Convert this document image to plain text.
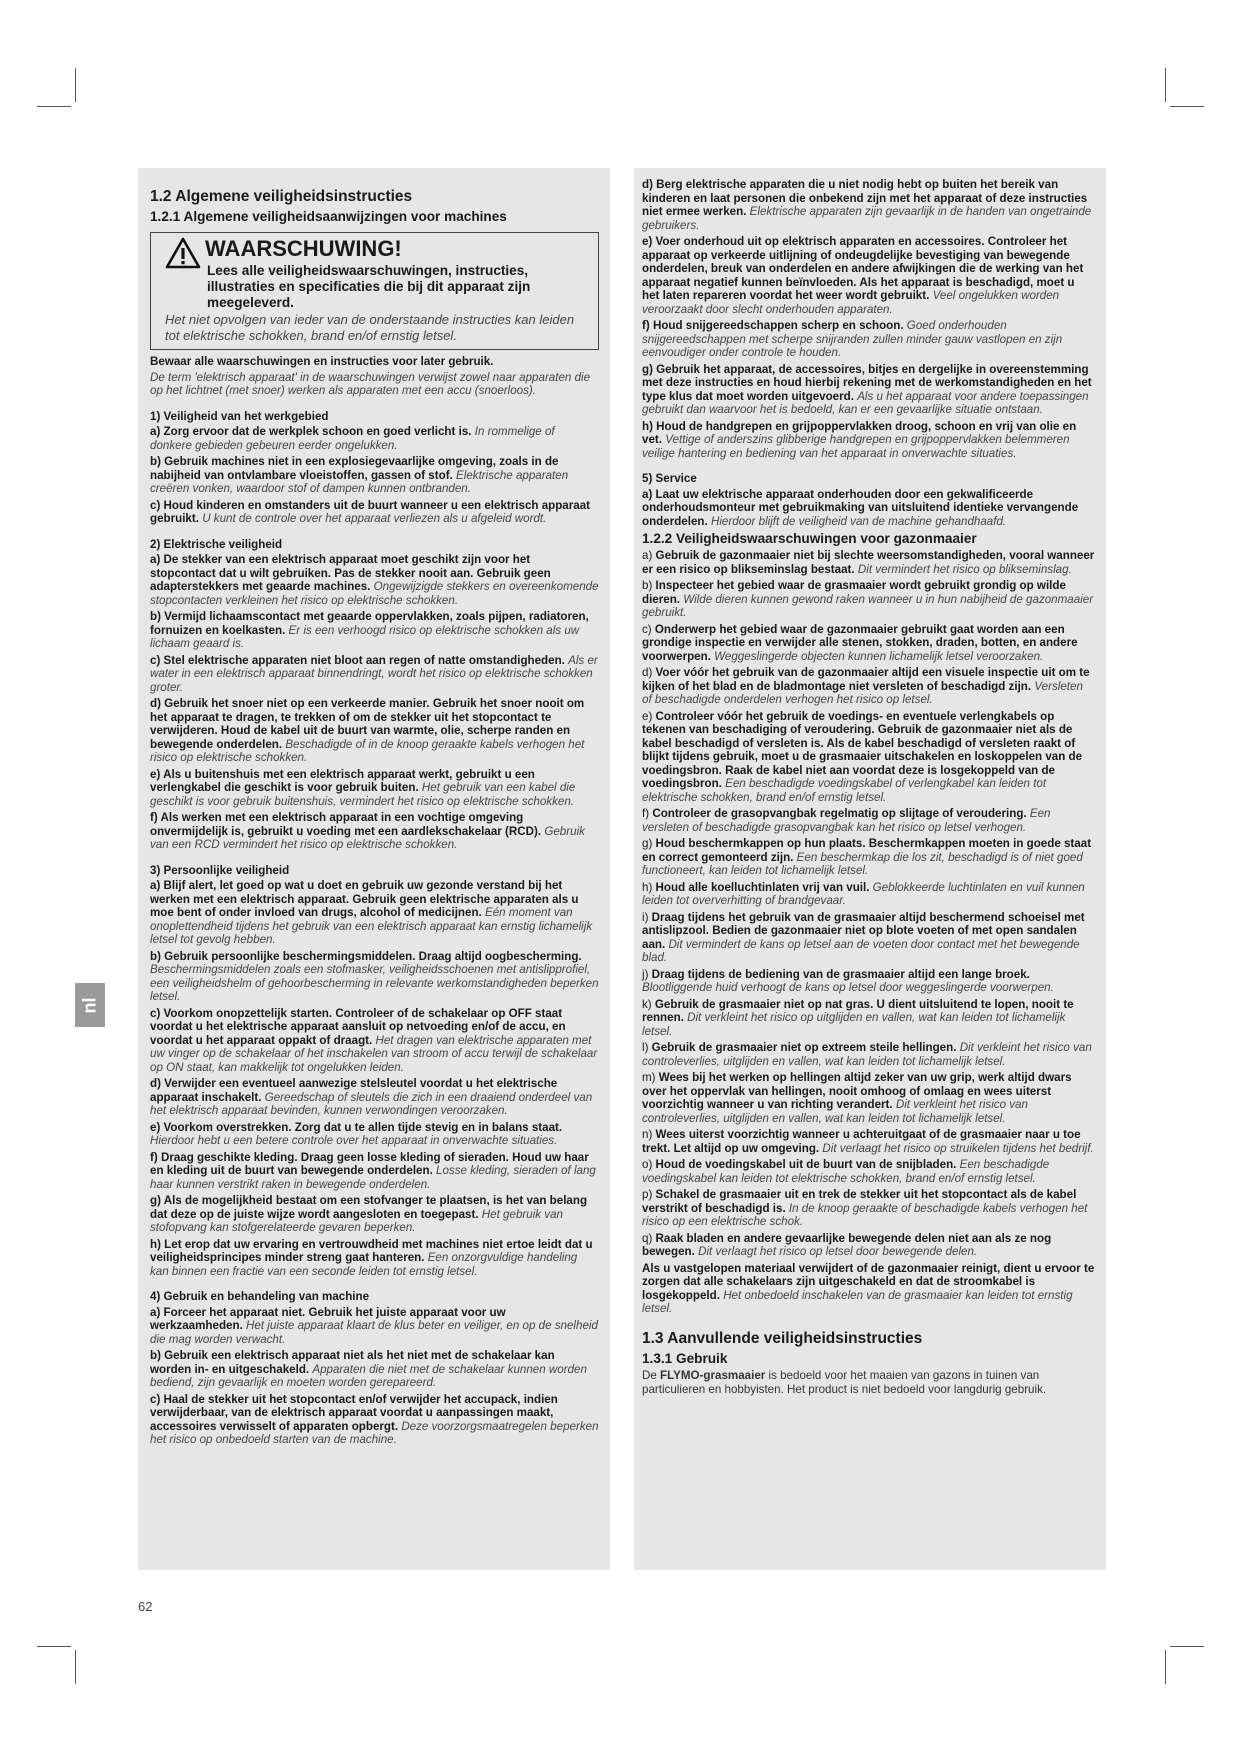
nl
1.2 Algemene veiligheidsinstructies
1.2.1 Algemene veiligheidsaanwijzingen voor machines
WAARSCHUWING!
Lees alle veiligheidswaarschuwingen, instructies, illustraties en specificaties die bij dit apparaat zijn meegeleverd.
Het niet opvolgen van ieder van de onderstaande instructies kan leiden tot elektrische schokken, brand en/of ernstig letsel.

Bewaar alle waarschuwingen en instructies voor later gebruik.

De term 'elektrisch apparaat' in de waarschuwingen verwijst zowel naar apparaten die op het lichtnet (met snoer) werken als apparaten met een accu (snoerloos).

1) Veiligheid van het werkgebied

a) Zorg ervoor dat de werkplek schoon en goed verlicht is. In rommelige of donkere gebieden gebeuren eerder ongelukken.

b) Gebruik machines niet in een explosiegevaarlijke omgeving, zoals in de nabijheid van ontvlambare vloeistoffen, gassen of stof. Elektrische apparaten creëren vonken, waardoor stof of dampen kunnen ontbranden.

c) Houd kinderen en omstanders uit de buurt wanneer u een elektrisch apparaat gebruikt. U kunt de controle over het apparaat verliezen als u afgeleid wordt.

2) Elektrische veiligheid

a) De stekker van een elektrisch apparaat moet geschikt zijn voor het stopcontact dat u wilt gebruiken. Pas de stekker nooit aan. Gebruik geen adapterstekkers met geaarde machines. Ongewijzigde stekkers en overeenkomende stopcontacten verkleinen het risico op elektrische schokken.

b) Vermijd lichaamscontact met geaarde oppervlakken, zoals pijpen, radiatoren, fornuizen en koelkasten. Er is een verhoogd risico op elektrische schokken als uw lichaam geaard is.

c) Stel elektrische apparaten niet bloot aan regen of natte omstandigheden. Als er water in een elektrisch apparaat binnendringt, wordt het risico op elektrische schokken groter.

d) Gebruik het snoer niet op een verkeerde manier. Gebruik het snoer nooit om het apparaat te dragen, te trekken of om de stekker uit het stopcontact te verwijderen. Houd de kabel uit de buurt van warmte, olie, scherpe randen en bewegende onderdelen. Beschadigde of in de knoop geraakte kabels verhogen het risico op elektrische schokken.

e) Als u buitenshuis met een elektrisch apparaat werkt, gebruikt u een verlengkabel die geschikt is voor gebruik buiten. Het gebruik van een kabel die geschikt is voor gebruik buitenshuis, vermindert het risico op elektrische schokken.

f) Als werken met een elektrisch apparaat in een vochtige omgeving onvermijdelijk is, gebruikt u voeding met een aardlekschakelaar (RCD). Gebruik van een RCD vermindert het risico op elektrische schokken.

3) Persoonlijke veiligheid

a) Blijf alert, let goed op wat u doet en gebruik uw gezonde verstand bij het werken met een elektrisch apparaat. Gebruik geen elektrische apparaten als u moe bent of onder invloed van drugs, alcohol of medicijnen. Eén moment van onoplettendheid tijdens het gebruik van een elektrisch apparaat kan ernstig lichamelijk letsel tot gevolg hebben.

b) Gebruik persoonlijke beschermingsmiddelen. Draag altijd oogbescherming. Beschermingsmiddelen zoals een stofmasker, veiligheidsschoenen met antislipprofiel, een veiligheidshelm of gehoorbescherming in relevante werkomstandigheden beperken letsel.

c) Voorkom onopzettelijk starten. Controleer of de schakelaar op OFF staat voordat u het elektrische apparaat aansluit op netvoeding en/of de accu, en voordat u het apparaat oppakt of draagt. Het dragen van elektrische apparaten met uw vinger op de schakelaar of het inschakelen van stroom of accu terwijl de schakelaar op ON staat, kan makkelijk tot ongelukken leiden.

d) Verwijder een eventueel aanwezige stelsleutel voordat u het elektrische apparaat inschakelt. Gereedschap of sleutels die zich in een draaiend onderdeel van het elektrisch apparaat bevinden, kunnen verwondingen veroorzaken.

e) Voorkom overstrekken. Zorg dat u te allen tijde stevig en in balans staat. Hierdoor hebt u een betere controle over het apparaat in onverwachte situaties.

f) Draag geschikte kleding. Draag geen losse kleding of sieraden. Houd uw haar en kleding uit de buurt van bewegende onderdelen. Losse kleding, sieraden of lang haar kunnen verstrikt raken in bewegende onderdelen.

g) Als de mogelijkheid bestaat om een stofvanger te plaatsen, is het van belang dat deze op de juiste wijze wordt aangesloten en toegepast. Het gebruik van stofopvang kan stofgerelateerde gevaren beperken.

h) Let erop dat uw ervaring en vertrouwdheid met machines niet ertoe leidt dat u veiligheidsprincipes minder streng gaat hanteren. Een onzorgvuldige handeling kan binnen een fractie van een seconde leiden tot ernstig letsel.

4) Gebruik en behandeling van machine

a) Forceer het apparaat niet. Gebruik het juiste apparaat voor uw werkzaamheden. Het juiste apparaat klaart de klus beter en veiliger, en op de snelheid die mag worden verwacht.

b) Gebruik een elektrisch apparaat niet als het niet met de schakelaar kan worden in- en uitgeschakeld. Apparaten die niet met de schakelaar kunnen worden bediend, zijn gevaarlijk en moeten worden gerepareerd.

c) Haal de stekker uit het stopcontact en/of verwijder het accupack, indien verwijderbaar, van de elektrisch apparaat voordat u aanpassingen maakt, accessoires verwisselt of apparaten opbergt. Deze voorzorgsmaatregelen beperken het risico op onbedoeld starten van de machine.

d) Berg elektrische apparaten die u niet nodig hebt op buiten het bereik van kinderen en laat personen die onbekend zijn met het apparaat of deze instructies niet ermee werken. Elektrische apparaten zijn gevaarlijk in de handen van ongetrainde gebruikers.

e) Voer onderhoud uit op elektrisch apparaten en accessoires. Controleer het apparaat op verkeerde uitlijning of ondeugdelijke bevestiging van bewegende onderdelen, breuk van onderdelen en andere afwijkingen die de werking van het apparaat negatief kunnen beïnvloeden. Als het apparaat is beschadigd, moet u het laten repareren voordat het weer wordt gebruikt. Veel ongelukken worden veroorzaakt door slecht onderhouden apparaten.

f) Houd snijgereedschappen scherp en schoon. Goed onderhouden snijgereedschappen met scherpe snijranden zullen minder gauw vastlopen en zijn eenvoudiger onder controle te houden.

g) Gebruik het apparaat, de accessoires, bitjes en dergelijke in overeenstemming met deze instructies en houd hierbij rekening met de werkomstandigheden en het type klus dat moet worden uitgevoerd. Als u het apparaat voor andere toepassingen gebruikt dan waarvoor het is bedoeld, kan er een gevaarlijke situatie ontstaan.

h) Houd de handgrepen en grijpoppervlakken droog, schoon en vrij van olie en vet. Vettige of anderszins glibberige handgrepen en grijpoppervlakken belemmeren veilige hantering en bediening van het apparaat in onverwachte situaties.

5) Service

a) Laat uw elektrische apparaat onderhouden door een gekwalificeerde onderhoudsmonteur met gebruikmaking van uitsluitend identieke vervangende onderdelen. Hierdoor blijft de veiligheid van de machine gehandhaafd.

1.2.2 Veiligheidswaarschuwingen voor gazonmaaier

a) Gebruik de gazonmaaier niet bij slechte weersomstandigheden, vooral wanneer er een risico op blikseminslag bestaat. Dit vermindert het risico op blikseminslag.

b) Inspecteer het gebied waar de grasmaaier wordt gebruikt grondig op wilde dieren. Wilde dieren kunnen gewond raken wanneer u in hun nabijheid de gazonmaaier gebruikt.

c) Onderwerp het gebied waar de gazonmaaier gebruikt gaat worden aan een grondige inspectie en verwijder alle stenen, stokken, draden, botten, en andere voorwerpen. Weggeslingerde objecten kunnen lichamelijk letsel veroorzaken.

d) Voer vóór het gebruik van de gazonmaaier altijd een visuele inspectie uit om te kijken of het blad en de bladmontage niet versleten of beschadigd zijn. Versleten of beschadigde onderdelen verhogen het risico op letsel.

e) Controleer vóór het gebruik de voedings- en eventuele verlengkabels op tekenen van beschadiging of veroudering. Gebruik de gazonmaaier niet als de kabel beschadigd of versleten is. Als de kabel beschadigd of versleten raakt of blijkt tijdens gebruik, moet u de grasmaaier uitschakelen en loskoppelen van de voedingsbron. Raak de kabel niet aan voordat deze is losgekoppeld van de voedingsbron. Een beschadigde voedingskabel of verlengkabel kan leiden tot elektrische schokken, brand en/of ernstig letsel.

f) Controleer de grasopvangbak regelmatig op slijtage of veroudering. Een versleten of beschadigde grasopvangbak kan het risico op letsel verhogen.

g) Houd beschermkappen op hun plaats. Beschermkappen moeten in goede staat en correct gemonteerd zijn. Een beschermkap die los zit, beschadigd is of niet goed functioneert, kan leiden tot lichamelijk letsel.

h) Houd alle koelluchtinlaten vrij van vuil. Geblokkeerde luchtinlaten en vuil kunnen leiden tot oververhitting of brandgevaar.

i) Draag tijdens het gebruik van de grasmaaier altijd beschermend schoeisel met antislipzool. Bedien de gazonmaaier niet op blote voeten of met open sandalen aan. Dit vermindert de kans op letsel aan de voeten door contact met het bewegende blad.

j) Draag tijdens de bediening van de grasmaaier altijd een lange broek. Blootliggende huid verhoogt de kans op letsel door weggeslingerde voorwerpen.

k) Gebruik de grasmaaier niet op nat gras. U dient uitsluitend te lopen, nooit te rennen. Dit verkleint het risico op uitglijden en vallen, wat kan leiden tot lichamelijk letsel.

l) Gebruik de grasmaaier niet op extreem steile hellingen. Dit verkleint het risico van controleverlies, uitglijden en vallen, wat kan leiden tot lichamelijk letsel.

m) Wees bij het werken op hellingen altijd zeker van uw grip, werk altijd dwars over het oppervlak van hellingen, nooit omhoog of omlaag en wees uiterst voorzichtig wanneer u van richting verandert. Dit verkleint het risico van controleverlies, uitglijden en vallen, wat kan leiden tot lichamelijk letsel.

n) Wees uiterst voorzichtig wanneer u achteruitgaat of de grasmaaier naar u toe trekt. Let altijd op uw omgeving. Dit verlaagt het risico op struikelen tijdens het bedrijf.

o) Houd de voedingskabel uit de buurt van de snijbladen. Een beschadigde voedingskabel kan leiden tot elektrische schokken, brand en/of ernstig letsel.

p) Schakel de grasmaaier uit en trek de stekker uit het stopcontact als de kabel verstrikt of beschadigd is. In de knoop geraakte of beschadigde kabels verhogen het risico op een elektrische schok.

q) Raak bladen en andere gevaarlijke bewegende delen niet aan als ze nog bewegen. Dit verlaagt het risico op letsel door bewegende delen.

Als u vastgelopen materiaal verwijdert of de gazonmaaier reinigt, dient u ervoor te zorgen dat alle schakelaars zijn uitgeschakeld en dat de stroomkabel is losgekoppeld. Het onbedoeld inschakelen van de grasmaaier kan leiden tot ernstig letsel.

1.3 Aanvullende veiligheidsinstructies
1.3.1 Gebruik

De FLYMO-grasmaaier is bedoeld voor het maaien van gazons in tuinen van particulieren en hobbyisten. Het product is niet bedoeld voor langdurig gebruik.

62
